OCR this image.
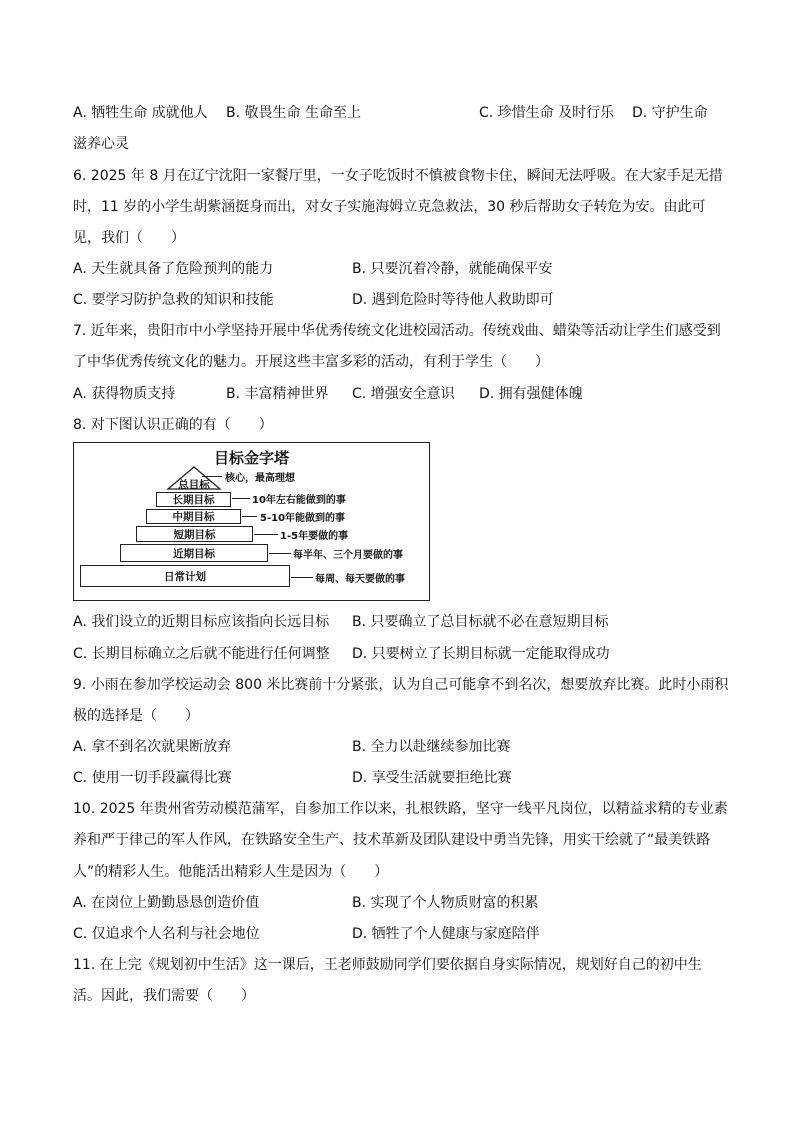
A. 牺牲生命 成就他人 B. 敬畏生命 生命至上	C. 珍惜生命 及时行乐 D. 守护生命
滋养心灵
6. 2025 年 8 月在辽宁沈阳一家餐厅里，一女子吃饭时不慎被食物卡住，瞬间无法呼吸。在大家手足无措
时，11 岁的小学生胡紫涵挺身而出，对女子实施海姆立克急救法，30 秒后帮助女子转危为安。由此可
见，我们（　　）
A. 天生就具备了危险预判的能力	B. 只要沉着冷静，就能确保平安
C. 要学习防护急救的知识和技能	D. 遇到危险时等待他人救助即可
7. 近年来，贵阳市中小学坚持开展中华优秀传统文化进校园活动。传统戏曲、蜡染等活动让学生们感受到
了中华优秀传统文化的魅力。开展这些丰富多彩的活动，有利于学生（　　）
A. 获得物质支持	B. 丰富精神世界 C. 增强安全意识 D. 拥有强健体魄
8. 对下图认识正确的有（　　）
目标金字塔
总目标
长期目标
中期目标
短期目标
近期目标
日常计划
核心，最高理想
10年左右能做到的事
5-10年能做到的事
1-5年要做的事
每半年、三个月要做的事
每周、每天要做的事
A. 我们设立的近期目标应该指向长远目标 B. 只要确立了总目标就不必在意短期目标
C. 长期目标确立之后就不能进行任何调整 D. 只要树立了长期目标就一定能取得成功
9. 小雨在参加学校运动会 800 米比赛前十分紧张，认为自己可能拿不到名次，想要放弃比赛。此时小雨积
极的选择是（　　）
A. 拿不到名次就果断放弃	B. 全力以赴继续参加比赛
C. 使用一切手段赢得比赛	D. 享受生活就要拒绝比赛
10. 2025 年贵州省劳动模范蒲军，自参加工作以来，扎根铁路，坚守一线平凡岗位，以精益求精的专业素
养和严于律己的军人作风，在铁路安全生产、技术革新及团队建设中勇当先锋，用实干绘就了“最美铁路
人”的精彩人生。他能活出精彩人生是因为（　　）
A. 在岗位上勤勤恳恳创造价值	B. 实现了个人物质财富的积累
C. 仅追求个人名利与社会地位	D. 牺牲了个人健康与家庭陪伴
11. 在上完《规划初中生活》这一课后，王老师鼓励同学们要依据自身实际情况，规划好自己的初中生
活。因此，我们需要（　　）
